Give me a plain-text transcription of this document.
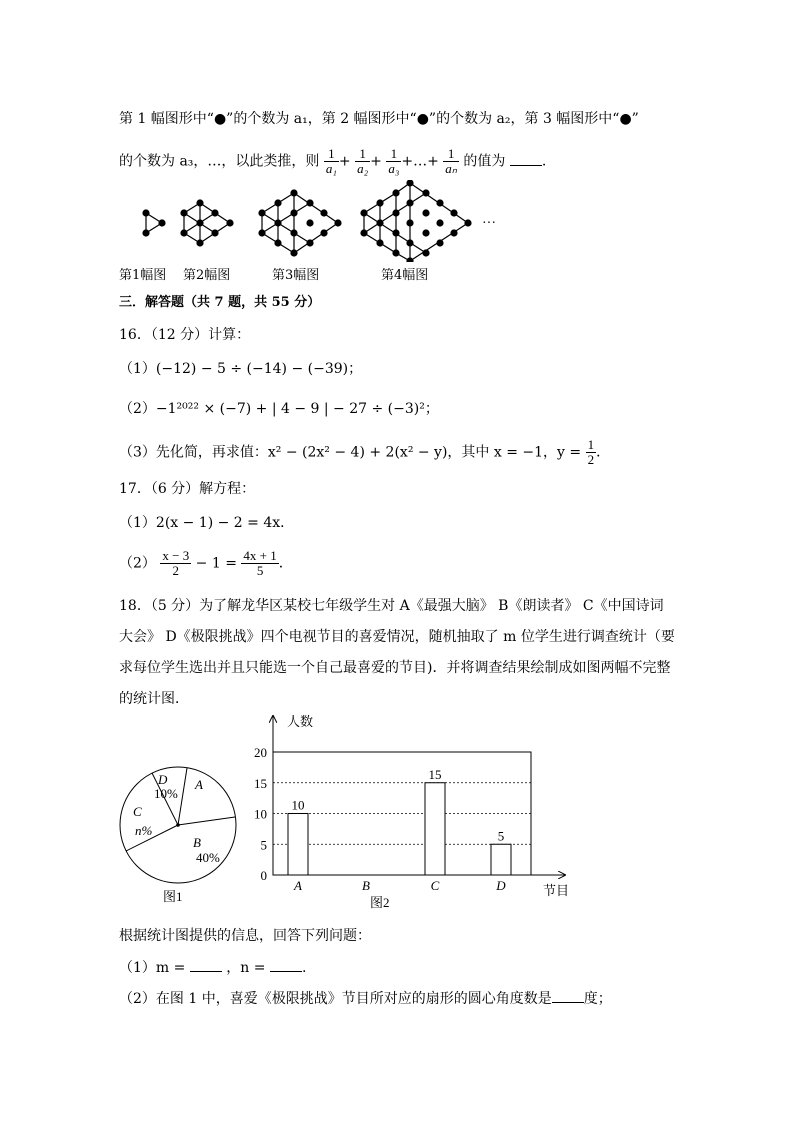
第 1 幅图形中“●”的个数为 a₁，第 2 幅图形中“●”的个数为 a₂，第 3 幅图形中“●”
的个数为 a₃，…，以此类推，则 $\frac{1}{\text{a₁}} + \frac{1}{\text{a₂}} + \frac{1}{\text{a₃}}$ +…+ $\frac{1}{\text{aₙ}}$ 的值为	.
···
第1幅图 第2幅图	第3幅图	第4幅图
三．解答题（共 7 题，共 55 分）
16．（12 分）计算：
（1）(−12) − 5 ÷ (−14) − (−39)；
（2）−1²⁰²² × (−7) + | 4 − 9 | − 27 ÷ (−3)²；
（3）先化简，再求值：x² − (2x² − 4) + 2(x² − y)，其中 x = −1，$y = \frac{1}{2}$ ．
17．（6 分）解方程：
（1）2(x − 1) − 2 = 4x．
$(2) \frac{x - 3}{2} - 1 = \frac{4x + 1}{5}$ ．
18．（5 分）为了解龙华区某校七年级学生对 A《最强大脑》 B《朗读者》 C《中国诗词
大会》 D《极限挑战》四个电视节目的喜爱情况，随机抽取了 m 位学生进行调查统计（要
求每位学生选出并且只能选一个自己最喜爱的节目)．并将调查结果绘制成如图两幅不完整
的统计图．
D
10%
A
C
n%
B
40%
图1
0
5
10
15
20
人数
节目
图2
A
10
B	C
15
D
5
根据统计图提供的信息，回答下列问题：
（1）m =	，n =	.
（2）在图 1 中，喜爱《极限挑战》节目所对应的扇形的圆心角度数是 度；
